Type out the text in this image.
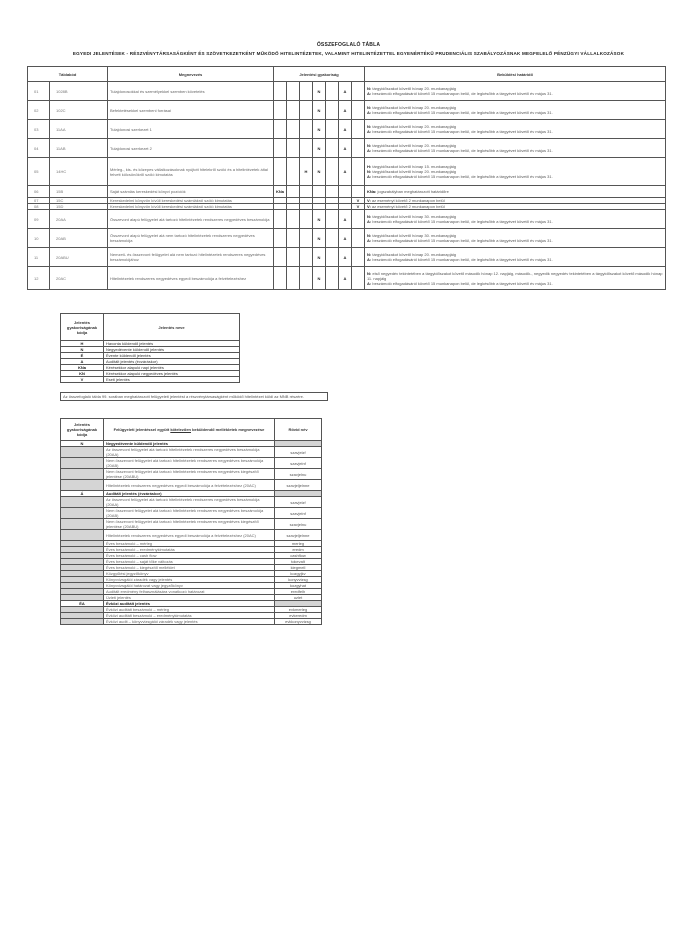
ÖSSZEFOGLALÓ TÁBLA
EGYEDI JELENTÉSEK - RÉSZVÉNYTÁRSASÁGKÉNT ÉS SZÖVETKEZETKÉNT MŰKÖDŐ HITELINTÉZETEK, VALAMINT HITELINTÉZETTEL EGYENÉRTÉKŰ PRUDENCIÁLIS SZABÁLYOZÁSNAK MEGFELELŐ PÉNZÜGYI VÁLLALKOZÁSOK
Táblakód		Megnevezés	Jelentési gyakoriság							Beküldési határidő
01	1028B	Tulajdonosokkal és személyekkel szemben követelés				N		A		N: tárgyidőszakot követő hónap 20. munkanapjáig
A: beszámoló elfogadásáról követő 15 munkanapon belül, de legkésőbb a tárgyévet követő év május 31.

02	102C	Befektetésekkel szembeni forrásai				N		A		N: tárgyidőszakot követő hónap 20. munkanapjáig
A: beszámoló elfogadásáról követő 15 munkanapon belül, de legkésőbb a tárgyévet követő év május 31.

03	11AA	Tulajdonosi szerkezet 1				N		A		N: tárgyidőszakot követő hónap 20. munkanapjáig
A: beszámoló elfogadásáról követő 15 munkanapon belül, de legkésőbb a tárgyévet követő év május 31.

04	11AB	Tulajdonosi szerkezet 2				N		A		N: tárgyidőszakot követő hónap 20. munkanapjáig
A: beszámoló elfogadásáról követő 15 munkanapon belül, de legkésőbb a tárgyévet követő év május 31.

05	14HC	Mérleg-, kis- és közepes vállalkozásoknak nyújtott hitelekről szóló és a hitelintézetek által felvett kölcsönökről szóló kimutatás			H	N		A		H: tárgyidőszakot követő hónap 15. munkanapjáig
N: tárgyidőszakot követő hónap 20. munkanapjáig
A: beszámoló elfogadásáról követő 15 munkanapon belül, de legkésőbb a tárgyévet követő év május 31.

06	15B	Saját számlás kereskedési könyvi pozíciók	KNa							KNa: jogszabályban meghatározott határidőre

07	15C	Kereskedelmi könyvön kívüli kereskedési számlákról szóló kimutatás							V	V: az eseményt követő 2 munkanapon belül

08	15D	Kereskedelmi könyvön kívüli kereskedési számlákról szóló kimutatás							V	V: az eseményt követő 2 munkanapon belül

09	20AA	Összevont alapú felügyelet alá tartozó hitelintézetek rendszeres negyedéves beszámolója				N		A		N: tárgyidőszakot követő hónap 30. munkanapjáig
A: beszámoló elfogadásáról követő 15 munkanapon belül, de legkésőbb a tárgyévet követő év május 31.

10	20AB	Összevont alapú felügyelet alá nem tartozó hitelintézetek rendszeres negyedéves beszámolója				N		A		N: tárgyidőszakot követő hónap 30. munkanapjáig
A: beszámoló elfogadásáról követő 15 munkanapon belül, de legkésőbb a tárgyévet követő év május 31.

11	20ABU	Nemzeti- és összevont felügyelet alá nem tartozó hitelintézetek rendszeres negyedéves beszámolójához				N		A		N: tárgyidőszakot követő hónap 20. munkanapjáig
A: beszámoló elfogadásáról követő 15 munkanapon belül, de legkésőbb a tárgyévet követő év május 31.

12	20AC	Hitelintézetek rendszeres negyedéves egyedi beszámolója a felvételezéshez				N		A		N: első negyedév tekintetében a tárgyidőszakot követő második hónap 12. napjáig, második-, negyedik negyedév tekintetében a tárgyidőszakot követő második hónap 11. napjáig
A: beszámoló elfogadásáról követő 15 munkanapon belül, de legkésőbb a tárgyévet követő év május 31.
Jelentés gyakoriságának kódja	Jelentés neve
H	Havonta küldendő jelentés
N	Negyedévente küldendő jelentés
É	Évente küldendő jelentés
A	Auditált jelentés (évzáráskor)
KNa	Kérésekkor alapuló napi jelentés
KN	Kérésekkor alapuló negyedéves jelentés
V	Eseti jelentés
Az összefoglaló tábla 99. sorában meghatározott felügyeleti jelentést a részvénytársaságként működő hitelintézet küldi az MNB részére.
Jelentés gyakoriságának kódja	Felügyeleti jelentéssel együtt kötelezően beküldendő mellékletek megnevezése	Rövid név
N	Negyedévente küldendő jelentés	
	Az összevont felügyelet alá tartozó hitelintézetek rendszeres negyedéves beszámolója (20AA)	szavjelzf
	Nem összevont felügyelet alá tartozó hitelintézetek rendszeres negyedéves beszámolója (20AB)	szavjelnf
	Nem összevont felügyelet alá tartozó hitelintézetek rendszeres negyedéves kiegészítő jelentése (20ABU)	szavjelnu
	Hitelintézetek rendszeres negyedéves egyedi beszámolója a felvételezéshez (20AC)	szavjeljelnne
Á	Auditált jelentés (évzáráskor)	
	Az összevont felügyelet alá tartozó hitelintézetek rendszeres negyedéves beszámolója (20AA)	szavjelzf
	Nem összevont felügyelet alá tartozó hitelintézetek rendszeres negyedéves beszámolója (20AB)	szavjelnf
	Nem összevont felügyelet alá tartozó hitelintézetek rendszeres negyedéves kiegészítő jelentése (20ABU)	szavjelnu
	Hitelintézetek rendszeres negyedéves egyedi beszámolója a felvételezéshez (20AC)	szavjeljelnne
	Éves beszámoló – mérleg	merleg
	Éves beszámoló – eredménykimutatás	eredm
	Éves beszámoló – cash flow	cashflow
	Éves beszámoló – saját tőke változás	tokevalt
	Éves beszámoló – kiegészítő melléklet	kiegmell
	Közgyűlési jegyzőkönyv	kozgyjkv
	Könyvvizsgálói záradék vagy jelentés	konyvvizsg
	Könyvvizsgálói határozat vagy jegyzőkönyv	kozgyhat
	Auditált eredmény felhasználására vonatkozó határozat	eredfelh
	Üzleti jelentés	uzlet
ÉA	Évközi auditált jelentés	
	Évközi auditált beszámoló – mérleg	evkmerleg
	Évközi auditált beszámoló – eredménykimutatás	evkeredm
	Évközi audit – könyvvizsgálói záradék vagy jelentés	evkkonyvvizsg
